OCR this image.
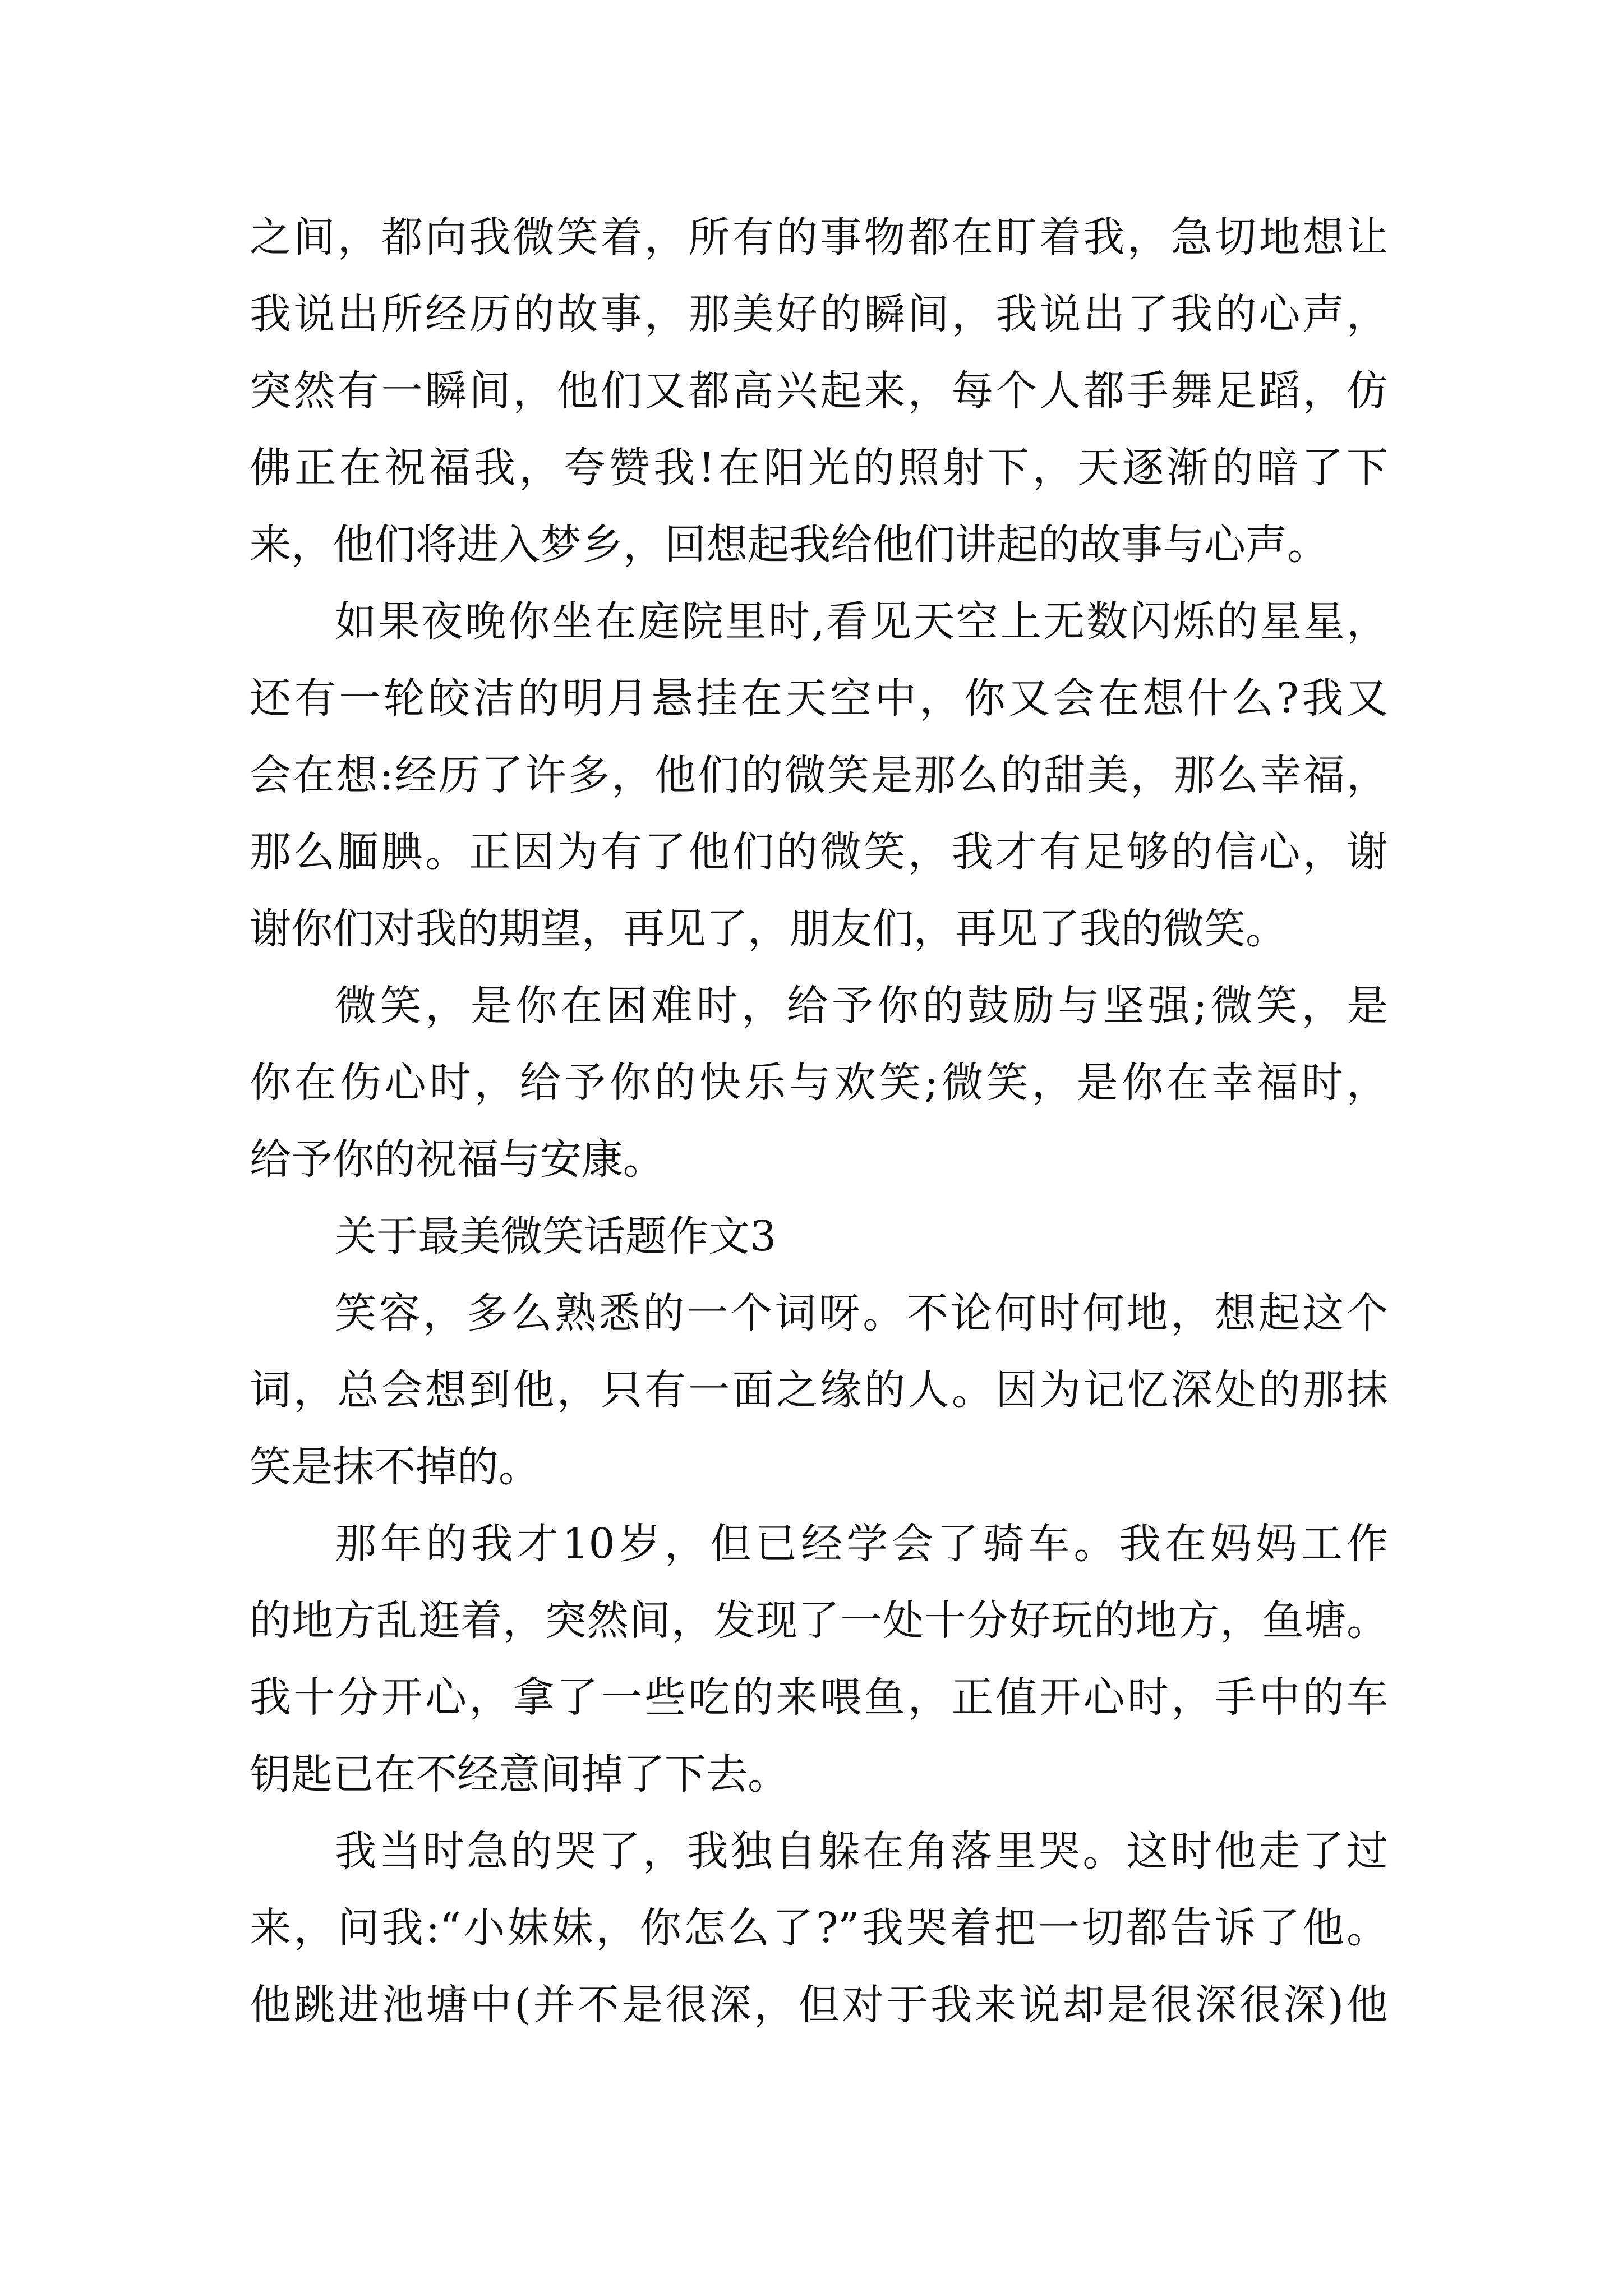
之间，都向我微笑着，所有的事物都在盯着我，急切地想让
我说出所经历的故事，那美好的瞬间，我说出了我的心声，
突然有一瞬间，他们又都高兴起来，每个人都手舞足蹈，仿
佛正在祝福我，夸赞我!在阳光的照射下，天逐渐的暗了下
来，他们将进入梦乡，回想起我给他们讲起的故事与心声。
如果夜晚你坐在庭院里时,看见天空上无数闪烁的星星，
还有一轮皎洁的明月悬挂在天空中，你又会在想什么?我又
会在想:经历了许多，他们的微笑是那么的甜美，那么幸福，
那么腼腆。正因为有了他们的微笑，我才有足够的信心，谢
谢你们对我的期望，再见了，朋友们，再见了我的微笑。
微笑，是你在困难时，给予你的鼓励与坚强;微笑，是
你在伤心时，给予你的快乐与欢笑;微笑，是你在幸福时，
给予你的祝福与安康。
关于最美微笑话题作文3
笑容，多么熟悉的一个词呀。不论何时何地，想起这个
词，总会想到他，只有一面之缘的人。因为记忆深处的那抹
笑是抹不掉的。
那年的我才10岁，但已经学会了骑车。我在妈妈工作
的地方乱逛着，突然间，发现了一处十分好玩的地方，鱼塘。
我十分开心，拿了一些吃的来喂鱼，正值开心时，手中的车
钥匙已在不经意间掉了下去。
我当时急的哭了，我独自躲在角落里哭。这时他走了过
来，问我:“小妹妹，你怎么了?”我哭着把一切都告诉了他。
他跳进池塘中(并不是很深，但对于我来说却是很深很深)他
